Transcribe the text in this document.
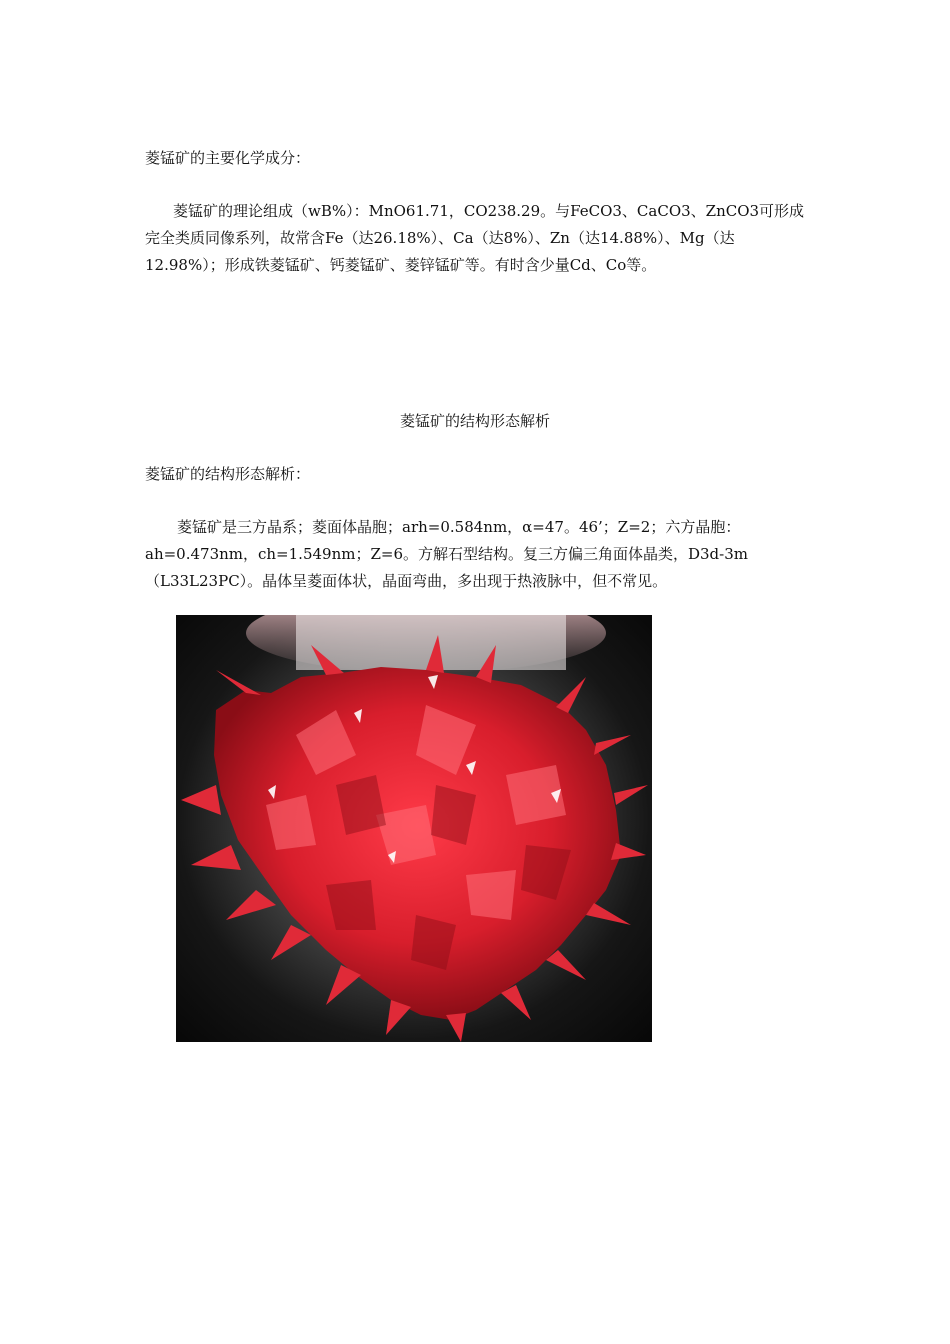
菱锰矿的主要化学成分：
菱锰矿的理论组成（wB%）：MnO61.71，CO238.29。与FeCO3、CaCO3、ZnCO3可形成完全类质同像系列，故常含Fe（达26.18%）、Ca（达8%）、Zn（达14.88%）、Mg（达12.98%）；形成铁菱锰矿、钙菱锰矿、菱锌锰矿等。有时含少量Cd、Co等。
菱锰矿的结构形态解析
菱锰矿的结构形态解析：
菱锰矿是三方晶系；菱面体晶胞；arh=0.584nm，α=47。46’；Z=2；六方晶胞：ah=0.473nm，ch=1.549nm；Z=6。方解石型结构。复三方偏三角面体晶类，D3d-3m（L33L23PC）。晶体呈菱面体状，晶面弯曲，多出现于热液脉中，但不常见。
